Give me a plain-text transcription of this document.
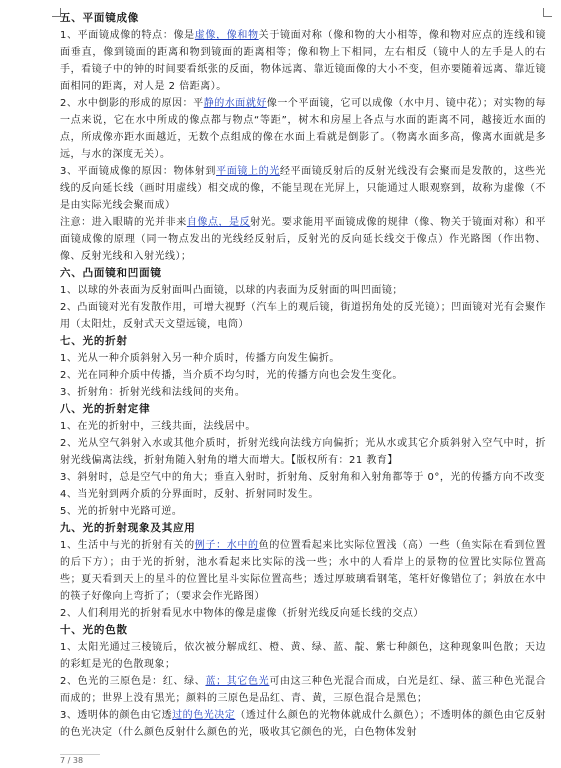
五、平面镜成像

1、平面镜成像的特点：像是虚像，像和物关于镜面对称（像和物的大小相等，像和物对应点的连线和镜面垂直，像到镜面的距离和物到镜面的距离相等；像和物上下相同，左右相反（镜中人的左手是人的右手，看镜子中的钟的时间要看纸张的反面，物体远离、靠近镜面像的大小不变，但亦要随着远离、靠近镜面相同的距离，对人是 2 倍距离）。

2、水中倒影的形成的原因：平静的水面就好像一个平面镜，它可以成像（水中月、镜中花）；对实物的每一点来说，它在水中所成的像点都与物点“等距”，树木和房屋上各点与水面的距离不同，越接近水面的点，所成像亦距水面越近，无数个点组成的像在水面上看就是倒影了。（物离水面多高，像离水面就是多远，与水的深度无关）。

3、平面镜成像的原因：物体射到平面镜上的光经平面镜反射后的反射光线没有会聚而是发散的，这些光线的反向延长线（画时用虚线）相交成的像，不能呈现在光屏上，只能通过人眼观察到，故称为虚像（不是由实际光线会聚而成）

注意：进入眼睛的光并非来自像点，是反射光。要求能用平面镜成像的规律（像、物关于镜面对称）和平面镜成像的原理（同一物点发出的光线经反射后，反射光的反向延长线交于像点）作光路图（作出物、像、反射光线和入射光线）；

六、凸面镜和凹面镜

1、以球的外表面为反射面叫凸面镜，以球的内表面为反射面的叫凹面镜；

2、凸面镜对光有发散作用，可增大视野（汽车上的观后镜，街道拐角处的反光镜）；凹面镜对光有会聚作用（太阳灶，反射式天文望远镜，电筒）

七、光的折射

1、光从一种介质斜射入另一种介质时，传播方向发生偏折。

2、光在同种介质中传播，当介质不均匀时，光的传播方向也会发生变化。

3、折射角：折射光线和法线间的夹角。

八、光的折射定律

1、在光的折射中，三线共面，法线居中。

2、光从空气斜射入水或其他介质时，折射光线向法线方向偏折；光从水或其它介质斜射入空气中时，折射光线偏离法线，折射角随入射角的增大而增大。【版权所有：21 教育】

3、斜射时，总是空气中的角大；垂直入射时，折射角、反射角和入射角都等于 0°，光的传播方向不改变

4、当光射到两介质的分界面时，反射、折射同时发生。

5、光的折射中光路可逆。

九、光的折射现象及其应用

1、生活中与光的折射有关的例子：水中的鱼的位置看起来比实际位置浅（高）一些（鱼实际在看到位置的后下方）；由于光的折射，池水看起来比实际的浅一些；水中的人看岸上的景物的位置比实际位置高些；夏天看到天上的星斗的位置比星斗实际位置高些；透过厚玻璃看钢笔，笔杆好像错位了；斜放在水中的筷子好像向上弯折了；（要求会作光路图）

2、人们利用光的折射看见水中物体的像是虚像（折射光线反向延长线的交点）

十、光的色散

1、太阳光通过三棱镜后，依次被分解成红、橙、黄、绿、蓝、靛、紫七种颜色，这种现象叫色散；天边的彩虹是光的色散现象；

2、色光的三原色是：红、绿、蓝；其它色光可由这三种色光混合而成，白光是红、绿、蓝三种色光混合而成的；世界上没有黑光；颜料的三原色是品红、青、黄，三原色混合是黑色；

3、透明体的颜色由它透过的色光决定（透过什么颜色的光物体就成什么颜色）；不透明体的颜色由它反射的色光决定（什么颜色反射什么颜色的光，吸收其它颜色的光，白色物体发射

7 / 38
